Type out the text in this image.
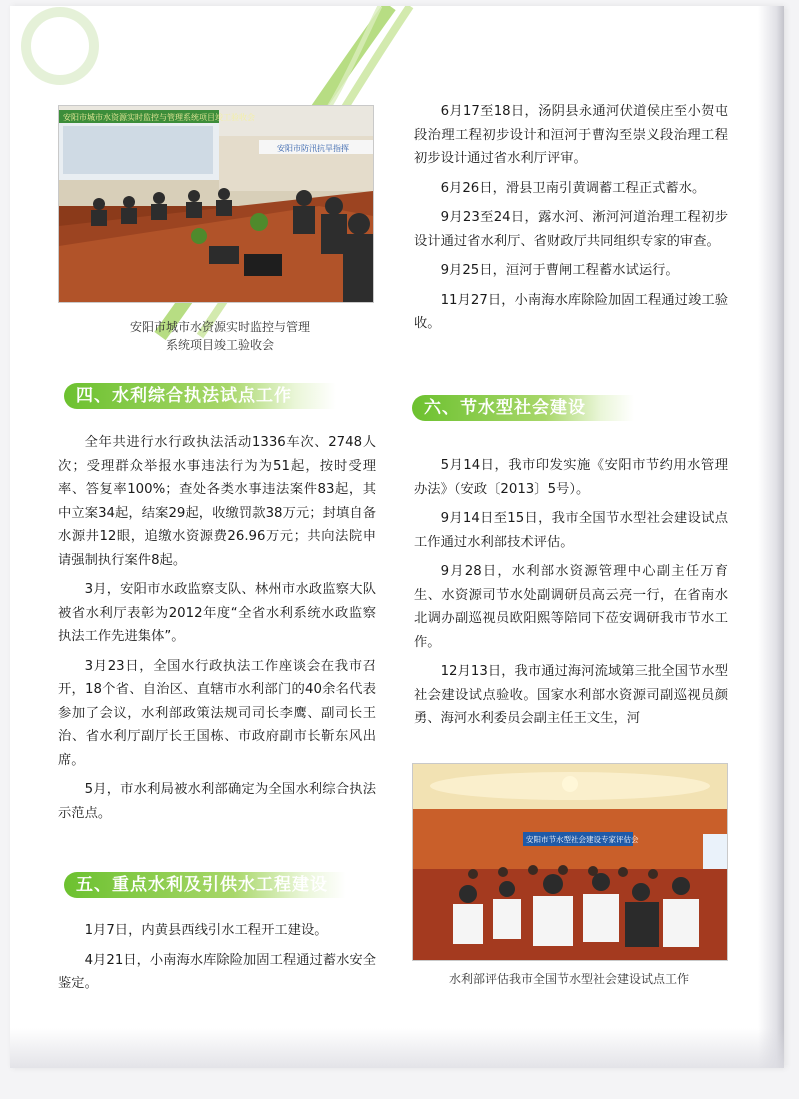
安阳市城市水资源实时监控与管理系统项目竣工验收会
安阳市防汛抗旱指挥
安阳市城市水资源实时监控与管理
系统项目竣工验收会
四、水利综合执法试点工作

全年共进行水行政执法活动1336车次、2748人次；受理群众举报水事违法行为为51起，按时受理率、答复率100%；查处各类水事违法案件83起，其中立案34起，结案29起，收缴罚款38万元；封填自备水源井12眼，追缴水资源费26.96万元；共向法院申请强制执行案件8起。

3月，安阳市水政监察支队、林州市水政监察大队被省水利厅表彰为2012年度“全省水利系统水政监察执法工作先进集体”。

3月23日，全国水行政执法工作座谈会在我市召开，18个省、自治区、直辖市水利部门的40余名代表参加了会议，水利部政策法规司司长李鹰、副司长王治、省水利厅副厅长王国栋、市政府副市长靳东风出席。

5月，市水利局被水利部确定为全国水利综合执法示范点。

五、重点水利及引供水工程建设

1月7日，内黄县西线引水工程开工建设。

4月21日，小南海水库除险加固工程通过蓄水安全鉴定。

6月17至18日，汤阴县永通河伏道侯庄至小贺屯段治理工程初步设计和洹河于曹沟至崇义段治理工程初步设计通过省水利厅评审。

6月26日，滑县卫南引黄调蓄工程正式蓄水。

9月23至24日，露水河、淅河河道治理工程初步设计通过省水利厅、省财政厅共同组织专家的审查。

9月25日，洹河于曹闸工程蓄水试运行。

11月27日，小南海水库除险加固工程通过竣工验收。

六、节水型社会建设

5月14日，我市印发实施《安阳市节约用水管理办法》（安政〔2013〕5号）。

9月14日至15日，我市全国节水型社会建设试点工作通过水利部技术评估。

9月28日，水利部水资源管理中心副主任万育生、水资源司节水处副调研员高云亮一行，在省南水北调办副巡视员欧阳熙等陪同下莅安调研我市节水工作。

12月13日，我市通过海河流域第三批全国节水型社会建设试点验收。国家水利部水资源司副巡视员颜勇、海河水利委员会副主任王文生，河

安阳市节水型社会建设专家评估会
水利部评估我市全国节水型社会建设试点工作
